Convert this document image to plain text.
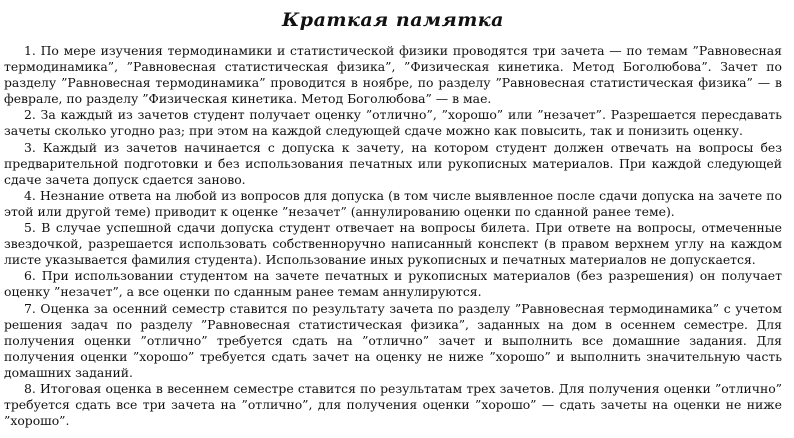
Краткая памятка

1. По мере изучения термодинамики и статистической физики проводятся три зачета — по темам ”Равновесная термодинамика”, ”Равновесная статистическая физика”, ”Физическая кинетика. Метод Боголюбова”. Зачет по разделу ”Равновесная термодинамика” проводится в ноябре, по разделу ”Равновесная статистическая физика” — в феврале, по разделу ”Физическая кинетика. Метод Боголюбова” — в мае.

2. За каждый из зачетов студент получает оценку ”отлично”, ”хорошо” или ”незачет”. Разрешается пересдавать зачеты сколько угодно раз; при этом на каждой следующей сдаче можно как повысить, так и понизить оценку.

3. Каждый из зачетов начинается с допуска к зачету, на котором студент должен отвечать на вопросы без предварительной подготовки и без использования печатных или рукописных материалов. При каждой следующей сдаче зачета допуск сдается заново.

4. Незнание ответа на любой из вопросов для допуска (в том числе выявленное после сдачи допуска на зачете по этой или другой теме) приводит к оценке ”незачет” (аннулированию оценки по сданной ранее теме).

5. В случае успешной сдачи допуска студент отвечает на вопросы билета. При ответе на вопросы, отмеченные звездочкой, разрешается использовать собственноручно написанный конспект (в правом верхнем углу на каждом листе указывается фамилия студента). Использование иных рукописных и печатных материалов не допускается.

6. При использовании студентом на зачете печатных и рукописных материалов (без разрешения) он получает оценку ”незачет”, а все оценки по сданным ранее темам аннулируются.

7. Оценка за осенний семестр ставится по результату зачета по разделу ”Равновесная термодинамика” с учетом решения задач по разделу ”Равновесная статистическая физика”, заданных на дом в осеннем семестре. Для получения оценки ”отлично” требуется сдать на ”отлично” зачет и выполнить все домашние задания. Для получения оценки ”хорошо” требуется сдать зачет на оценку не ниже ”хорошо” и выполнить значительную часть домашних заданий.

8. Итоговая оценка в весеннем семестре ставится по результатам трех зачетов. Для получения оценки ”отлично” требуется сдать все три зачета на ”отлично”, для получения оценки ”хорошо” — сдать зачеты на оценки не ниже ”хорошо”.
